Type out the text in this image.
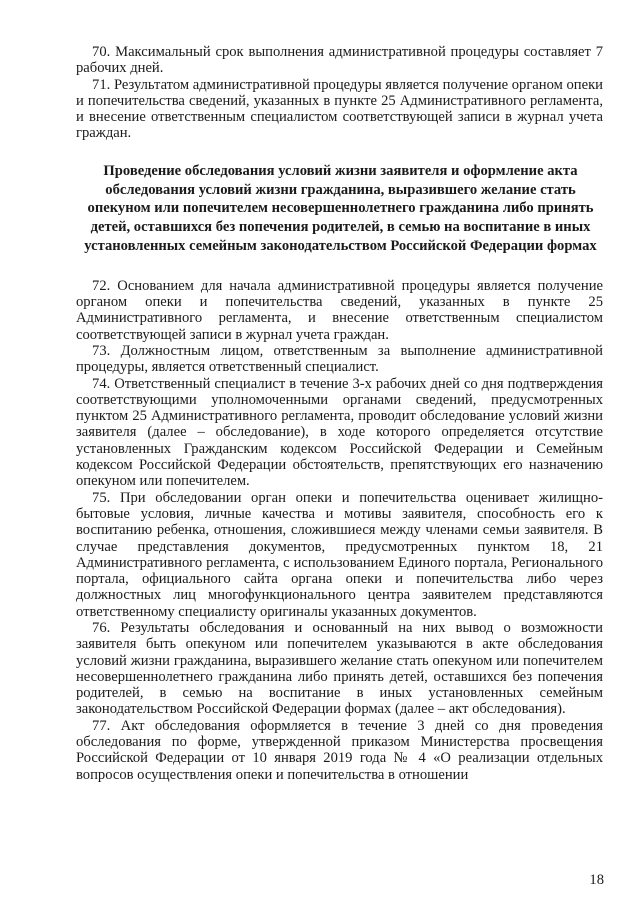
70. Максимальный срок выполнения административной процедуры составляет 7 рабочих дней.

71. Результатом административной процедуры является получение органом опеки и попечительства сведений, указанных в пункте 25 Административного регламента, и внесение ответственным специалистом соответствующей записи в журнал учета граждан.

Проведение обследования условий жизни заявителя и оформление акта обследования условий жизни гражданина, выразившего желание стать опекуном или попечителем несовершеннолетнего гражданина либо принять детей, оставшихся без попечения родителей, в семью на воспитание в иных установленных семейным законодательством Российской Федерации формах

72. Основанием для начала административной процедуры является получение органом опеки и попечительства сведений, указанных в пункте 25 Административного регламента, и внесение ответственным специалистом соответствующей записи в журнал учета граждан.

73. Должностным лицом, ответственным за выполнение административной процедуры, является ответственный специалист.

74. Ответственный специалист в течение 3-х рабочих дней со дня подтверждения соответствующими уполномоченными органами сведений, предусмотренных пунктом 25 Административного регламента, проводит обследование условий жизни заявителя (далее – обследование), в ходе которого определяется отсутствие установленных Гражданским кодексом Российской Федерации и Семейным кодексом Российской Федерации обстоятельств, препятствующих его назначению опекуном или попечителем.

75. При обследовании орган опеки и попечительства оценивает жилищно-бытовые условия, личные качества и мотивы заявителя, способность его к воспитанию ребенка, отношения, сложившиеся между членами семьи заявителя. В случае представления документов, предусмотренных пунктом 18, 21 Административного регламента, с использованием Единого портала, Регионального портала, официального сайта органа опеки и попечительства либо через должностных лиц многофункционального центра заявителем представляются ответственному специалисту оригиналы указанных документов.

76. Результаты обследования и основанный на них вывод о возможности заявителя быть опекуном или попечителем указываются в акте обследования условий жизни гражданина, выразившего желание стать опекуном или попечителем несовершеннолетнего гражданина либо принять детей, оставшихся без попечения родителей, в семью на воспитание в иных установленных семейным законодательством Российской Федерации формах (далее – акт обследования).

77. Акт обследования оформляется в течение 3 дней со дня проведения обследования по форме, утвержденной приказом Министерства просвещения Российской Федерации от 10 января 2019 года № 4 «О реализации отдельных вопросов осуществления опеки и попечительства в отношении

18
